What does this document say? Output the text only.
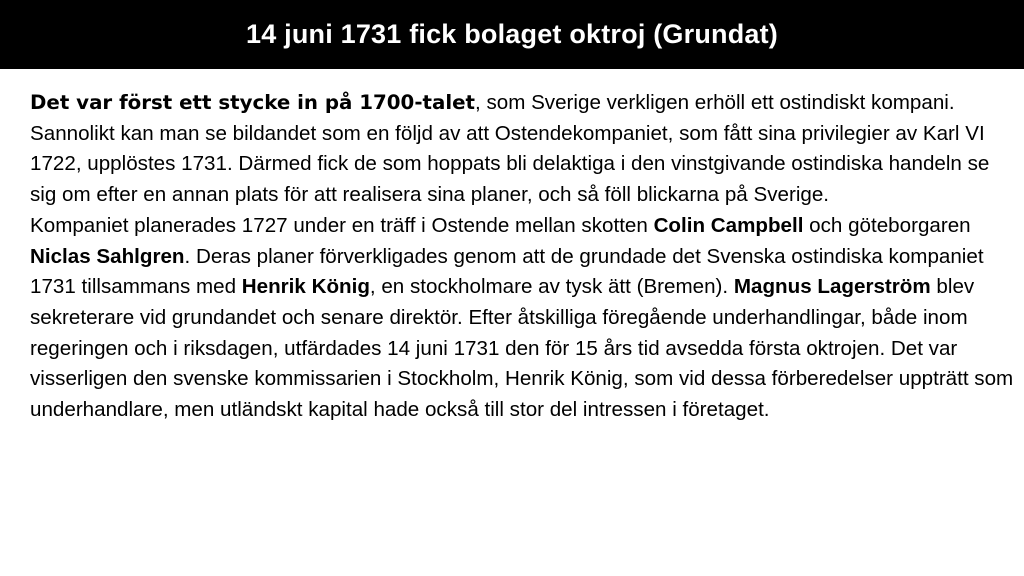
14 juni 1731 fick bolaget oktroj (Grundat)

Det var först ett stycke in på 1700-talet, som Sverige verkligen erhöll ett ostindiskt kompani.

Sannolikt kan man se bildandet som en följd av att Ostendekompaniet, som fått sina privilegier av Karl VI 1722, upplöstes 1731. Därmed fick de som hoppats bli delaktiga i den vinstgivande ostindiska handeln se sig om efter en annan plats för att realisera sina planer, och så föll blickarna på Sverige.

Kompaniet planerades 1727 under en träff i Ostende mellan skotten Colin Campbell och göteborgaren Niclas Sahlgren. Deras planer förverkligades genom att de grundade det Svenska ostindiska kompaniet 1731 tillsammans med Henrik König, en stockholmare av tysk ätt (Bremen). Magnus Lagerström blev sekreterare vid grundandet och senare direktör. Efter åtskilliga föregående underhandlingar, både inom regeringen och i riksdagen, utfärdades 14 juni 1731 den för 15 års tid avsedda första oktrojen. Det var visserligen den svenske kommissarien i Stockholm, Henrik König, som vid dessa förberedelser uppträtt som underhandlare, men utländskt kapital hade också till stor del intressen i företaget.
